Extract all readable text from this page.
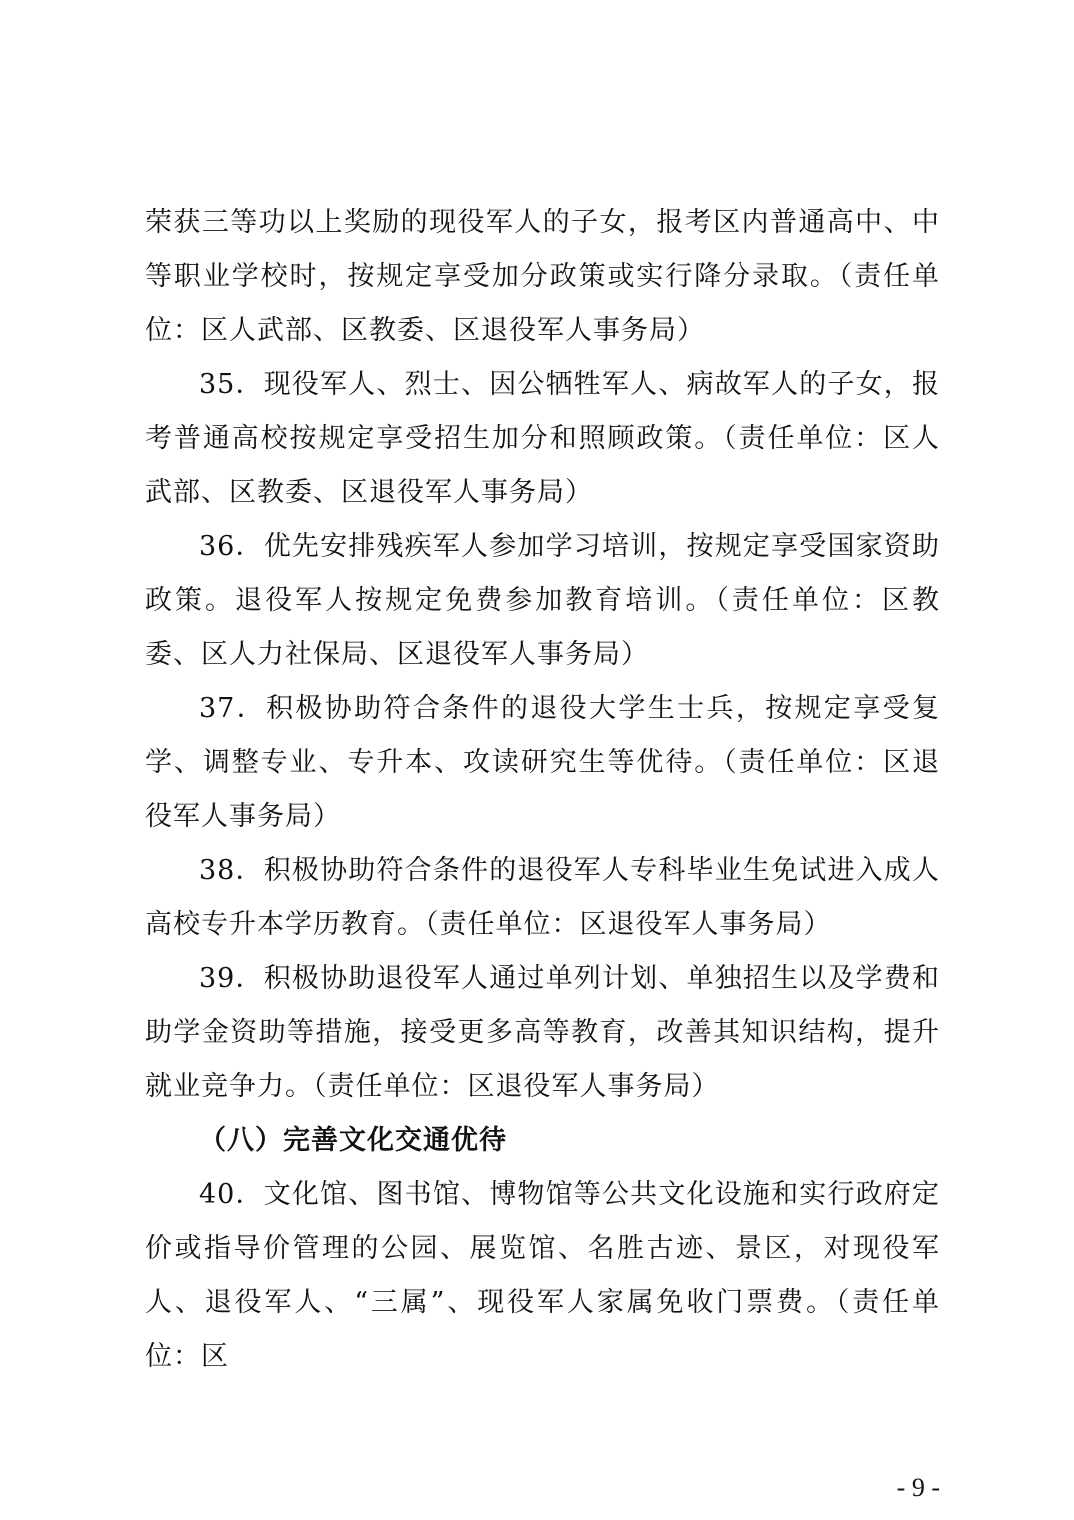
荣获三等功以上奖励的现役军人的子女，报考区内普通高中、中等职业学校时，按规定享受加分政策或实行降分录取。（责任单位：区人武部、区教委、区退役军人事务局）

35．现役军人、烈士、因公牺牲军人、病故军人的子女，报考普通高校按规定享受招生加分和照顾政策。（责任单位：区人武部、区教委、区退役军人事务局）

36．优先安排残疾军人参加学习培训，按规定享受国家资助政策。退役军人按规定免费参加教育培训。（责任单位：区教委、区人力社保局、区退役军人事务局）

37．积极协助符合条件的退役大学生士兵，按规定享受复学、调整专业、专升本、攻读研究生等优待。（责任单位：区退役军人事务局）

38．积极协助符合条件的退役军人专科毕业生免试进入成人高校专升本学历教育。（责任单位：区退役军人事务局）

39．积极协助退役军人通过单列计划、单独招生以及学费和助学金资助等措施，接受更多高等教育，改善其知识结构，提升就业竞争力。（责任单位：区退役军人事务局）

（八）完善文化交通优待

40．文化馆、图书馆、博物馆等公共文化设施和实行政府定价或指导价管理的公园、展览馆、名胜古迹、景区，对现役军人、退役军人、“三属”、现役军人家属免收门票费。（责任单位：区

- 9 -
